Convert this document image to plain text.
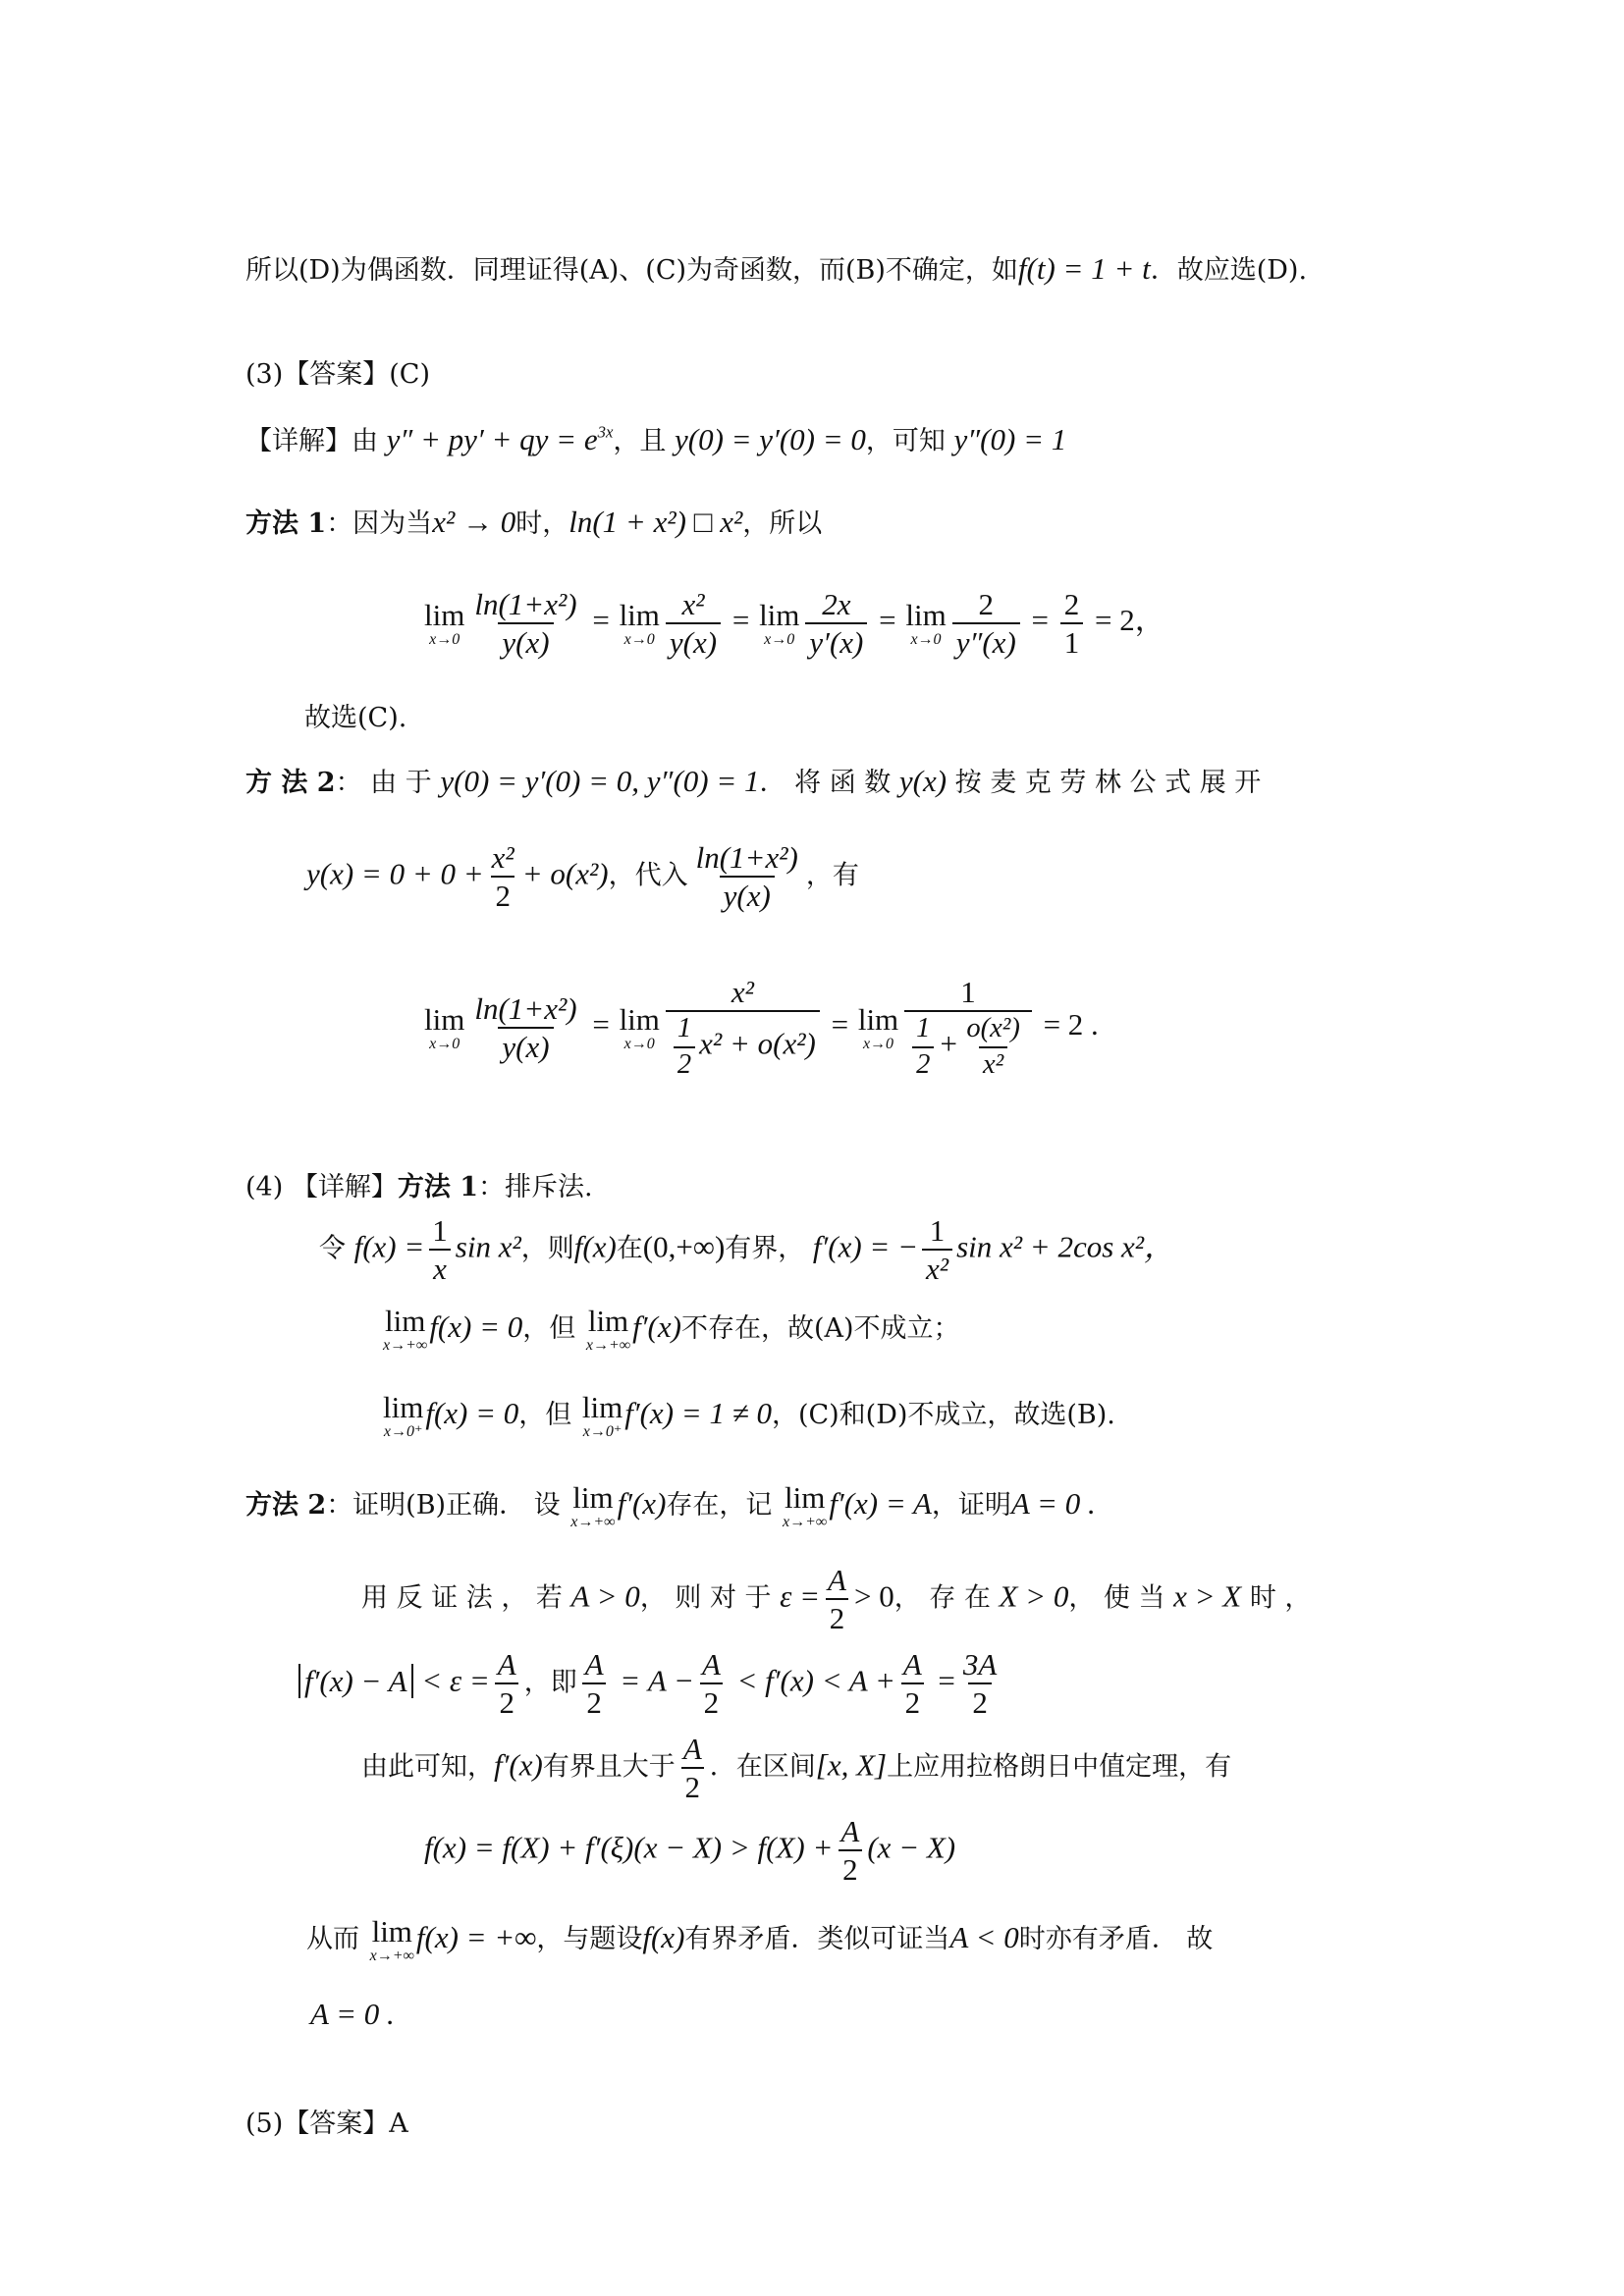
所以(D)为偶函数．同理证得(A)、(C)为奇函数，而(B)不确定，如f(t) = 1 + t．故应选(D).
(3)【答案】(C)
【详解】由 y″ + py′ + qy = $e^{3x}$，且 y(0) = y′(0) = 0，可知 y″(0) = 1
方法 1：因为当x² → 0时，ln(1 + x²) □ x²，所以
lim
$x\to 0 \frac{\text{ln(1+x²)}}{y(x)} = \lim$
$x\to 0 \frac{\text{x²}}{y(x)} = \lim$
$x\to 0 \frac{2x}{y'(x)} = \lim$
$x\to 0 \frac{2}{y''(x)} = \frac{2}{1} = 2$，
故选(C).
方 法 2： 由 于 y(0) = y′(0) = 0, y″(0) = 1． 将 函 数 y(x) 按 麦 克 劳 林 公 式 展 开
$y(x) = 0 + 0 + \frac{\text{x²}}{2} + o(x^2)$，代入 $\frac{\text{ln(1+x²)}}{y(x)}$ ，有
lim
$x\to 0 \frac{\text{ln(1+x²)}}{y(x)} = \lim$
$x\to 0 \frac{\text{x²}}{\frac{1}{2} x^2 + o(x^2)} = \lim$
$x\to 0 \frac{1}{\frac{1}{2} + \frac{\text{o(x²)}}{\text{x²}}} = 2$ .
(4) 【详解】方法 1：排斥法.
令 $f(x) = \frac{1}{x}$ sin x²，则f(x)在(0,+∞)有界， f′(x) = − $\frac{1}{\text{x²}}$ sin x² + 2cos x²，
lim
x→+∞
f(x) = 0，但 lim
x→+∞
f′(x)不存在，故(A)不成立；
lim
x→0⁺
f(x) = 0，但 lim
x→0⁺
f′(x) = 1 ≠ 0，(C)和(D)不成立，故选(B).
方法 2：证明(B)正确． 设 lim
x→+∞
f′(x)存在，记 lim
x→+∞
f′(x) = A，证明A = 0 .
用 反 证 法 ， 若 A > 0， 则 对 于 $\varepsilon = \frac{A}{2} > 0$， 存 在 X > 0， 使 当 x > X 时 ，
$f'(x) - A < \varepsilon = \frac{A}{2}$ ，即 $\frac{A}{2} = A - \frac{A}{2} < f'(x) < A + \frac{A}{2} = \frac{3A}{2}$
由此可知，f′(x)有界且大于 $\frac{A}{2}$ ．在区间[x, X]上应用拉格朗日中值定理，有
$f(x) = f(X) + f'(\xi)(x - X) > f(X) + \frac{A}{2} (x - X)$
从而 lim
x→+∞
f(x) = +∞，与题设f(x)有界矛盾．类似可证当A < 0时亦有矛盾． 故
A = 0 .
(5)【答案】A
